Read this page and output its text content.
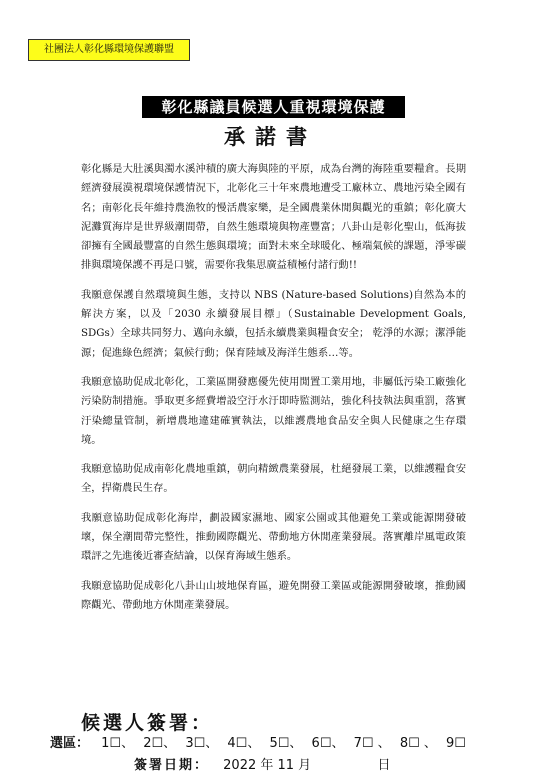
社團法人彰化縣環境保護聯盟
彰化縣議員候選人重視環境保護
承諾書

彰化縣是大肚溪與濁水溪沖積的廣大海與陸的平原，成為台灣的海陸重要糧倉。長期經濟發展漠視環境保護情況下，北彰化三十年來農地遭受工廠林立、農地污染全國有名；南彰化長年維持農漁牧的慢活農家樂，是全國農業休閒與觀光的重鎮；彰化廣大泥灘質海岸是世界級潮間帶，自然生態環境與物產豐富；八卦山是彰化聖山，低海拔卻擁有全國最豐富的自然生態與環境；面對未來全球暖化、極端氣候的課題，淨零碳排與環境保護不再是口號，需要你我集思廣益積極付諸行動!!

我願意保護自然環境與生態，支持以 NBS (Nature-based Solutions)自然為本的解決方案，以及「2030 永續發展目標」（Sustainable Development Goals, SDGs）全球共同努力、邁向永續，包括永續農業與糧食安全； 乾淨的水源；潔淨能源；促進綠色經濟；氣候行動；保育陸域及海洋生態系…等。

我願意協助促成北彰化，工業區開發應優先使用閒置工業用地，非屬低污染工廠強化污染防制措施。爭取更多經費增設空汙水汙即時監測站，強化科技執法與重罰，落實汙染總量管制，新增農地違建確實執法，以維護農地食品安全與人民健康之生存環境。

我願意協助促成南彰化農地重鎮，朝向精緻農業發展，杜絕發展工業，以維護糧食安全，捍衛農民生存。

我願意協助促成彰化海岸，劃設國家濕地、國家公園或其他避免工業或能源開發破壞，保全潮間帶完整性，推動國際觀光、帶動地方休閒產業發展。落實離岸風電政策環評之先進後近審查結論，以保育海域生態系。

我願意協助促成彰化八卦山山坡地保育區，避免開發工業區或能源開發破壞，推動國際觀光、帶動地方休閒產業發展。

候選人簽署：
選區： 1☐、 2☐、 3☐、 4☐、 5☐、 6☐、 7☐ 、 8☐ 、 9☐
簽署日期： 2022 年 11 月	日
